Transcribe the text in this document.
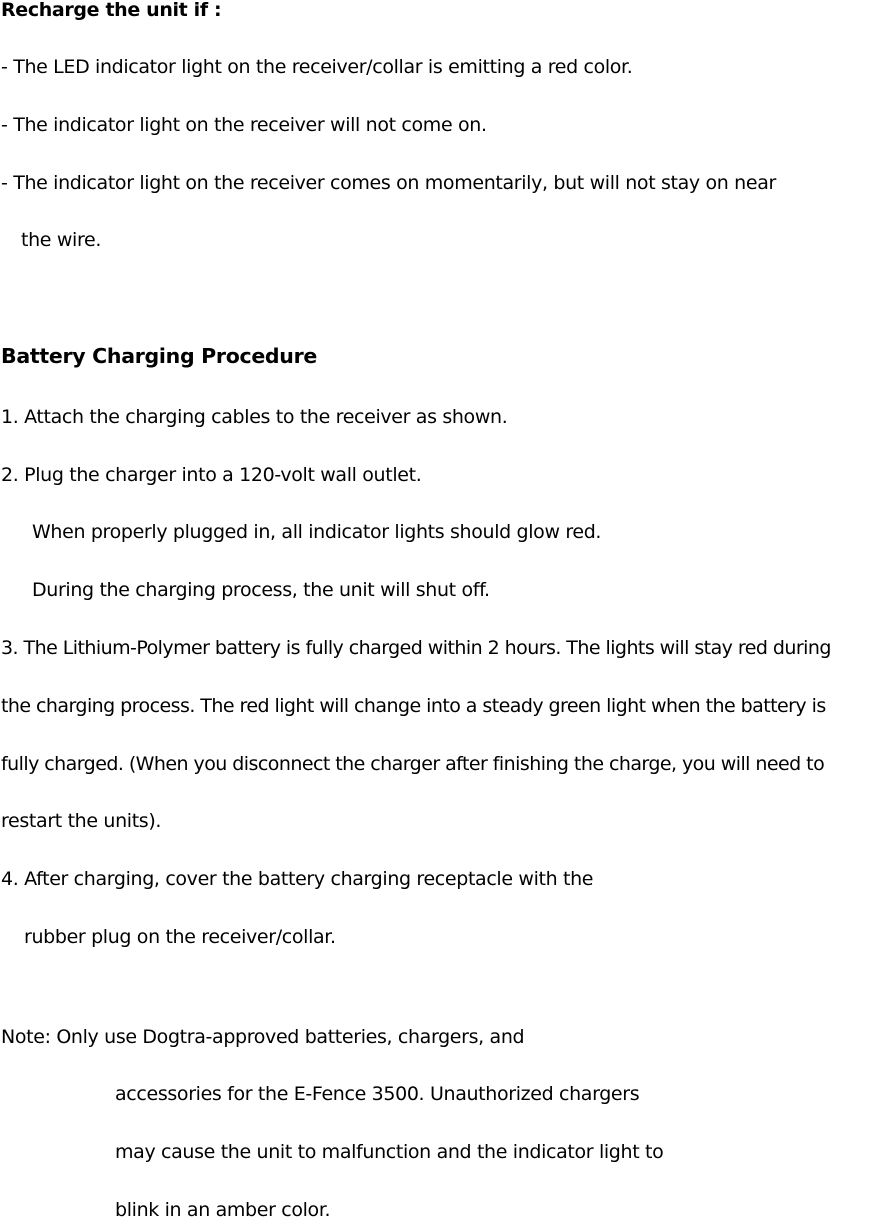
Recharge the unit if :
- The LED indicator light on the receiver/collar is emitting a red color.
- The indicator light on the receiver will not come on.
- The indicator light on the receiver comes on momentarily, but will not stay on near
the wire.
Battery Charging Procedure
1. Attach the charging cables to the receiver as shown.
2. Plug the charger into a 120-volt wall outlet.
When properly plugged in, all indicator lights should glow red.
During the charging process, the unit will shut off.
3. The Lithium-Polymer battery is fully charged within 2 hours. The lights will stay red during
the charging process. The red light will change into a steady green light when the battery is
fully charged. (When you disconnect the charger after finishing the charge, you will need to
restart the units).
4. After charging, cover the battery charging receptacle with the
rubber plug on the receiver/collar.
Note: Only use Dogtra-approved batteries, chargers, and
accessories for the E-Fence 3500. Unauthorized chargers
may cause the unit to malfunction and the indicator light to
blink in an amber color.
